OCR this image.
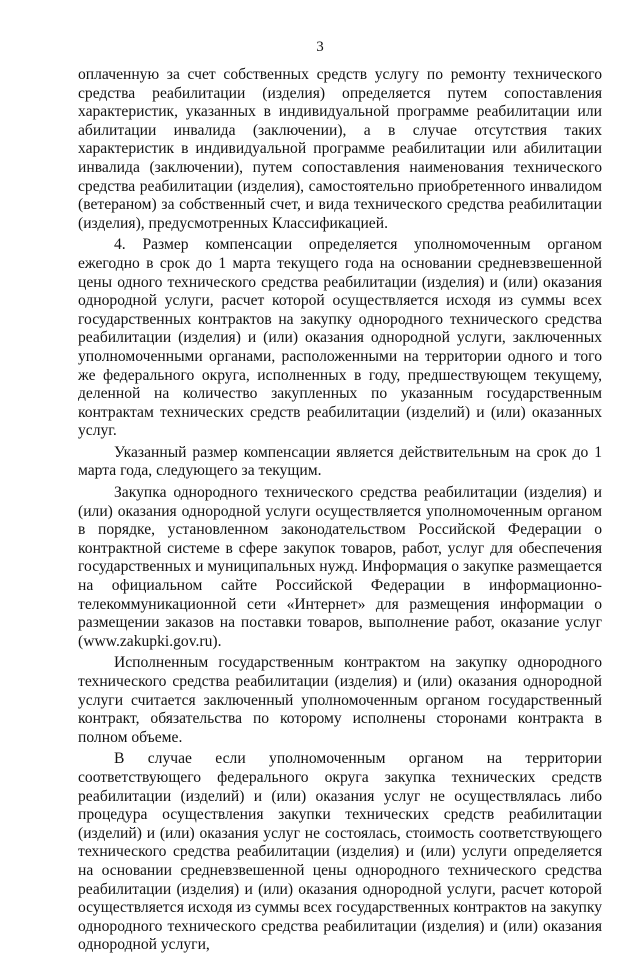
3

оплаченную за счет собственных средств услугу по ремонту технического средства реабилитации (изделия) определяется путем сопоставления характеристик, указанных в индивидуальной программе реабилитации или абилитации инвалида (заключении), а в случае отсутствия таких характеристик в индивидуальной программе реабилитации или абилитации инвалида (заключении), путем сопоставления наименования технического средства реабилитации (изделия), самостоятельно приобретенного инвалидом (ветераном) за собственный счет, и вида технического средства реабилитации (изделия), предусмотренных Классификацией.

4. Размер компенсации определяется уполномоченным органом ежегодно в срок до 1 марта текущего года на основании средневзвешенной цены одного технического средства реабилитации (изделия) и (или) оказания однородной услуги, расчет которой осуществляется исходя из суммы всех государственных контрактов на закупку однородного технического средства реабилитации (изделия) и (или) оказания однородной услуги, заключенных уполномоченными органами, расположенными на территории одного и того же федерального округа, исполненных в году, предшествующем текущему, деленной на количество закупленных по указанным государственным контрактам технических средств реабилитации (изделий) и (или) оказанных услуг.

Указанный размер компенсации является действительным на срок до 1 марта года, следующего за текущим.

Закупка однородного технического средства реабилитации (изделия) и (или) оказания однородной услуги осуществляется уполномоченным органом в порядке, установленном законодательством Российской Федерации о контрактной системе в сфере закупок товаров, работ, услуг для обеспечения государственных и муниципальных нужд. Информация о закупке размещается на официальном сайте Российской Федерации в информационно-телекоммуникационной сети «Интернет» для размещения информации о размещении заказов на поставки товаров, выполнение работ, оказание услуг (www.zakupki.gov.ru).

Исполненным государственным контрактом на закупку однородного технического средства реабилитации (изделия) и (или) оказания однородной услуги считается заключенный уполномоченным органом государственный контракт, обязательства по которому исполнены сторонами контракта в полном объеме.

В случае если уполномоченным органом на территории соответствующего федерального округа закупка технических средств реабилитации (изделий) и (или) оказания услуг не осуществлялась либо процедура осуществления закупки технических средств реабилитации (изделий) и (или) оказания услуг не состоялась, стоимость соответствующего технического средства реабилитации (изделия) и (или) услуги определяется на основании средневзвешенной цены однородного технического средства реабилитации (изделия) и (или) оказания однородной услуги, расчет которой осуществляется исходя из суммы всех государственных контрактов на закупку однородного технического средства реабилитации (изделия) и (или) оказания однородной услуги,
